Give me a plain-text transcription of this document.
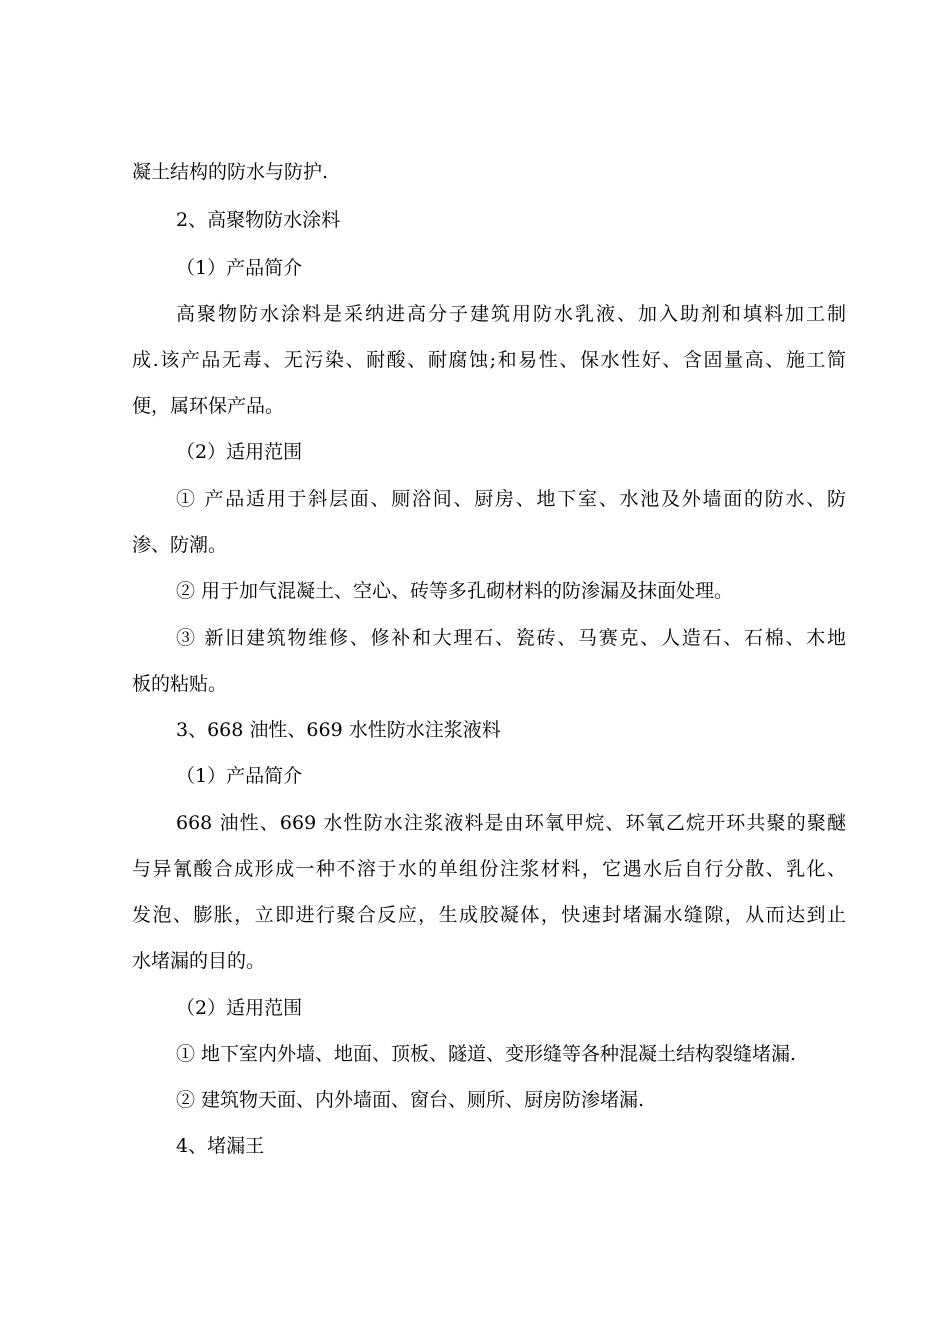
凝土结构的防水与防护.

2、高聚物防水涂料

（1）产品简介

高聚物防水涂料是采纳进高分子建筑用防水乳液、加入助剂和填料加工制

成.该产品无毒、无污染、耐酸、耐腐蚀;和易性、保水性好、含固量高、施工简

便，属环保产品。

（2）适用范围

① 产品适用于斜层面、厕浴间、厨房、地下室、水池及外墙面的防水、防

渗、防潮。

② 用于加气混凝土、空心、砖等多孔砌材料的防渗漏及抹面处理。

③ 新旧建筑物维修、修补和大理石、瓷砖、马赛克、人造石、石棉、木地

板的粘贴。

3、668 油性、669 水性防水注浆液料

（1）产品简介

668 油性、669 水性防水注浆液料是由环氧甲烷、环氧乙烷开环共聚的聚醚

与异氰酸合成形成一种不溶于水的单组份注浆材料，它遇水后自行分散、乳化、

发泡、膨胀，立即进行聚合反应，生成胶凝体，快速封堵漏水缝隙，从而达到止

水堵漏的目的。

（2）适用范围

① 地下室内外墙、地面、顶板、隧道、变形缝等各种混凝土结构裂缝堵漏.

② 建筑物天面、内外墙面、窗台、厕所、厨房防渗堵漏.

4、堵漏王
